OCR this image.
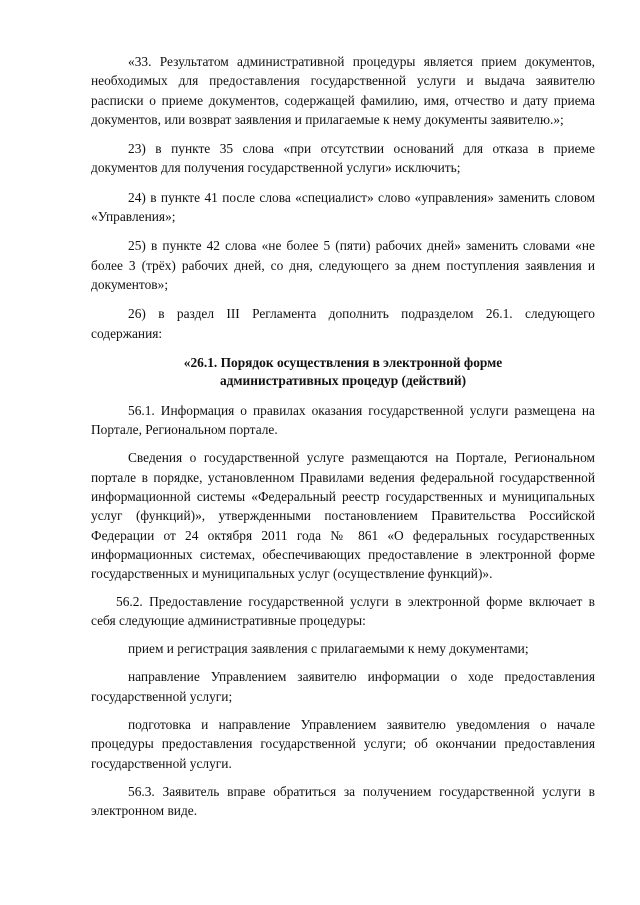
«33. Результатом административной процедуры является прием документов, необходимых для предоставления государственной услуги и выдача заявителю расписки о приеме документов, содержащей фамилию, имя, отчество и дату приема документов, или возврат заявления и прилагаемые к нему документы заявителю.»;

23) в пункте 35 слова «при отсутствии оснований для отказа в приеме документов для получения государственной услуги» исключить;

24) в пункте 41 после слова «специалист» слово «управления» заменить словом «Управления»;

25) в пункте 42 слова «не более 5 (пяти) рабочих дней» заменить словами «не более 3 (трёх) рабочих дней, со дня, следующего за днем поступления заявления и документов»;

26) в раздел III Регламента дополнить подразделом 26.1. следующего содержания:

«26.1. Порядок осуществления в электронной форме
административных процедур (действий)

56.1. Информация о правилах оказания государственной услуги размещена на Портале, Региональном портале.

Сведения о государственной услуге размещаются на Портале, Региональном портале в порядке, установленном Правилами ведения федеральной государственной информационной системы «Федеральный реестр государственных и муниципальных услуг (функций)», утвержденными постановлением Правительства Российской Федерации от 24 октября 2011 года № 861 «О федеральных государственных информационных системах, обеспечивающих предоставление в электронной форме государственных и муниципальных услуг (осуществление функций)».

56.2. Предоставление государственной услуги в электронной форме включает в себя следующие административные процедуры:

прием и регистрация заявления с прилагаемыми к нему документами;

направление Управлением заявителю информации о ходе предоставления государственной услуги;

подготовка и направление Управлением заявителю уведомления о начале процедуры предоставления государственной услуги; об окончании предоставления государственной услуги.

56.3. Заявитель вправе обратиться за получением государственной услуги в электронном виде.
